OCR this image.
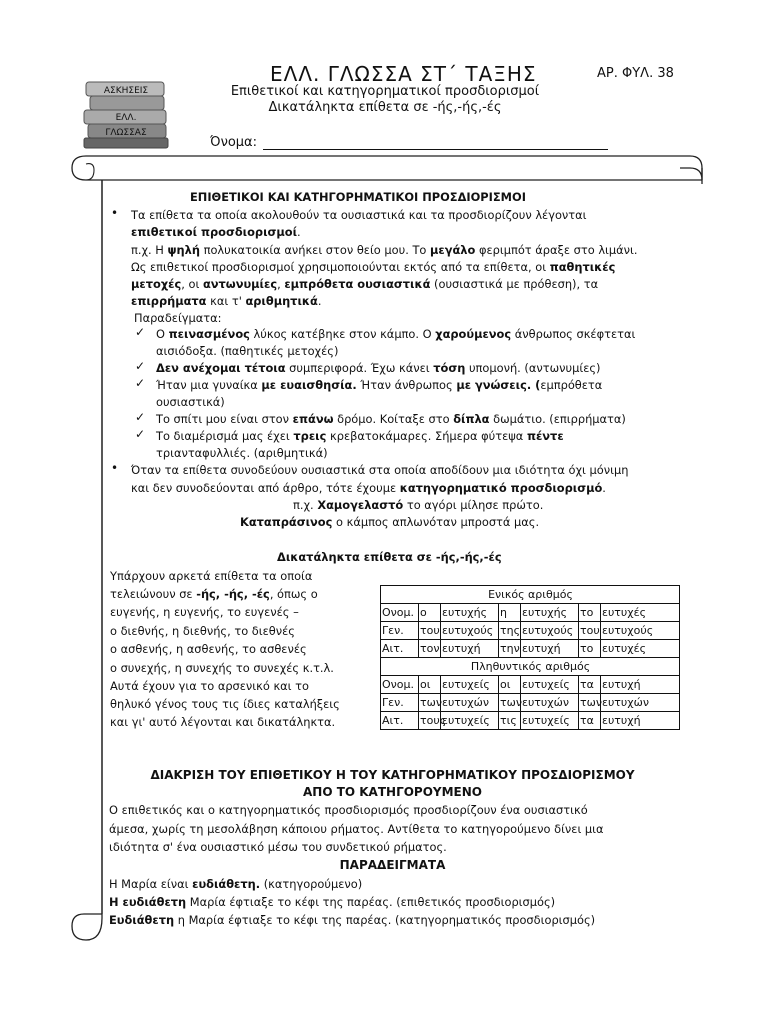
ΑΣΚΗΣΕΙΣ
ΕΛΛ.
ΓΛΩΣΣΑΣ
ΕΛΛ. ΓΛΩΣΣΑ ΣΤ΄ ΤΑΞΗΣ	ΑΡ. ΦΥΛ. 38
Επιθετικοί και κατηγορηματικοί προσδιορισμοί
Δικατάληκτα επίθετα σε -ής,-ής,-ές
Όνομα:
ΕΠΙΘΕΤΙΚΟΙ ΚΑΙ ΚΑΤΗΓΟΡΗΜΑΤΙΚΟΙ ΠΡΟΣΔΙΟΡΙΣΜΟΙ
• Τα επίθετα τα οποία ακολουθούν τα ουσιαστικά και τα προσδιορίζουν λέγονται
επιθετικοί προσδιορισμοί.
π.χ. Η ψηλή πολυκατοικία ανήκει στον θείο μου. Το μεγάλο φεριμπότ άραξε στο λιμάνι.
Ως επιθετικοί προσδιορισμοί χρησιμοποιούνται εκτός από τα επίθετα, οι παθητικές
μετοχές, οι αντωνυμίες, εμπρόθετα ουσιαστικά (ουσιαστικά με πρόθεση), τα
επιρρήματα και τ' αριθμητικά.
Παραδείγματα:
✓ Ο πεινασμένος λύκος κατέβηκε στον κάμπο. Ο χαρούμενος άνθρωπος σκέφτεται
αισιόδοξα. (παθητικές μετοχές)
✓ Δεν ανέχομαι τέτοια συμπεριφορά. Έχω κάνει τόση υπομονή. (αντωνυμίες)
✓ Ήταν μια γυναίκα με ευαισθησία. Ήταν άνθρωπος με γνώσεις. (εμπρόθετα
ουσιαστικά)
✓ Το σπίτι μου είναι στον επάνω δρόμο. Κοίταξε στο δίπλα δωμάτιο. (επιρρήματα)
✓ Το διαμέρισμά μας έχει τρεις κρεβατοκάμαρες. Σήμερα φύτεψα πέντε
τριανταφυλλιές. (αριθμητικά)
• Όταν τα επίθετα συνοδεύουν ουσιαστικά στα οποία αποδίδουν μια ιδιότητα όχι μόνιμη
και δεν συνοδεύονται από άρθρο, τότε έχουμε κατηγορηματικό προσδιορισμό.
π.χ. Χαμογελαστό το αγόρι μίλησε πρώτο.
Καταπράσινος ο κάμπος απλωνόταν μπροστά μας.
Δικατάληκτα επίθετα σε -ής,-ής,-ές
Υπάρχουν αρκετά επίθετα τα οποία
τελειώνουν σε -ής, -ής, -ές, όπως ο
ευγενής, η ευγενής, το ευγενές –
ο διεθνής, η διεθνής, το διεθνές
ο ασθενής, η ασθενής, το ασθενές
ο συνεχής, η συνεχής το συνεχές κ.τ.λ.
Αυτά έχουν για το αρσενικό και το
θηλυκό γένος τους τις ίδιες καταλήξεις
και γι' αυτό λέγονται και δικατάληκτα.
Ενικός αριθμός						
Ονομ.	ο	ευτυχής	η	ευτυχής	το	ευτυχές
Γεν.	του	ευτυχούς	της	ευτυχούς	του	ευτυχούς
Αιτ.	τον	ευτυχή	την	ευτυχή	το	ευτυχές
Πληθυντικός αριθμός						
Ονομ.	οι	ευτυχείς	οι	ευτυχείς	τα	ευτυχή
Γεν.	των	ευτυχών	των	ευτυχών	των	ευτυχών
Αιτ.	τους	ευτυχείς	τις	ευτυχείς	τα	ευτυχή
ΔΙΑΚΡΙΣΗ ΤΟΥ ΕΠΙΘΕΤΙΚΟΥ Η ΤΟΥ ΚΑΤΗΓΟΡΗΜΑΤΙΚΟΥ ΠΡΟΣΔΙΟΡΙΣΜΟΥ
ΑΠΟ ΤΟ ΚΑΤΗΓΟΡΟΥΜΕΝΟ
Ο επιθετικός και ο κατηγορηματικός προσδιορισμός προσδιορίζουν ένα ουσιαστικό
άμεσα, χωρίς τη μεσολάβηση κάποιου ρήματος. Αντίθετα το κατηγορούμενο δίνει μια
ιδιότητα σ' ένα ουσιαστικό μέσω του συνδετικού ρήματος.
ΠΑΡΑΔΕΙΓΜΑΤΑ
Η Μαρία είναι ευδιάθετη. (κατηγορούμενο)
Η ευδιάθετη Μαρία έφτιαξε το κέφι της παρέας. (επιθετικός προσδιορισμός)
Ευδιάθετη η Μαρία έφτιαξε το κέφι της παρέας. (κατηγορηματικός προσδιορισμός)
